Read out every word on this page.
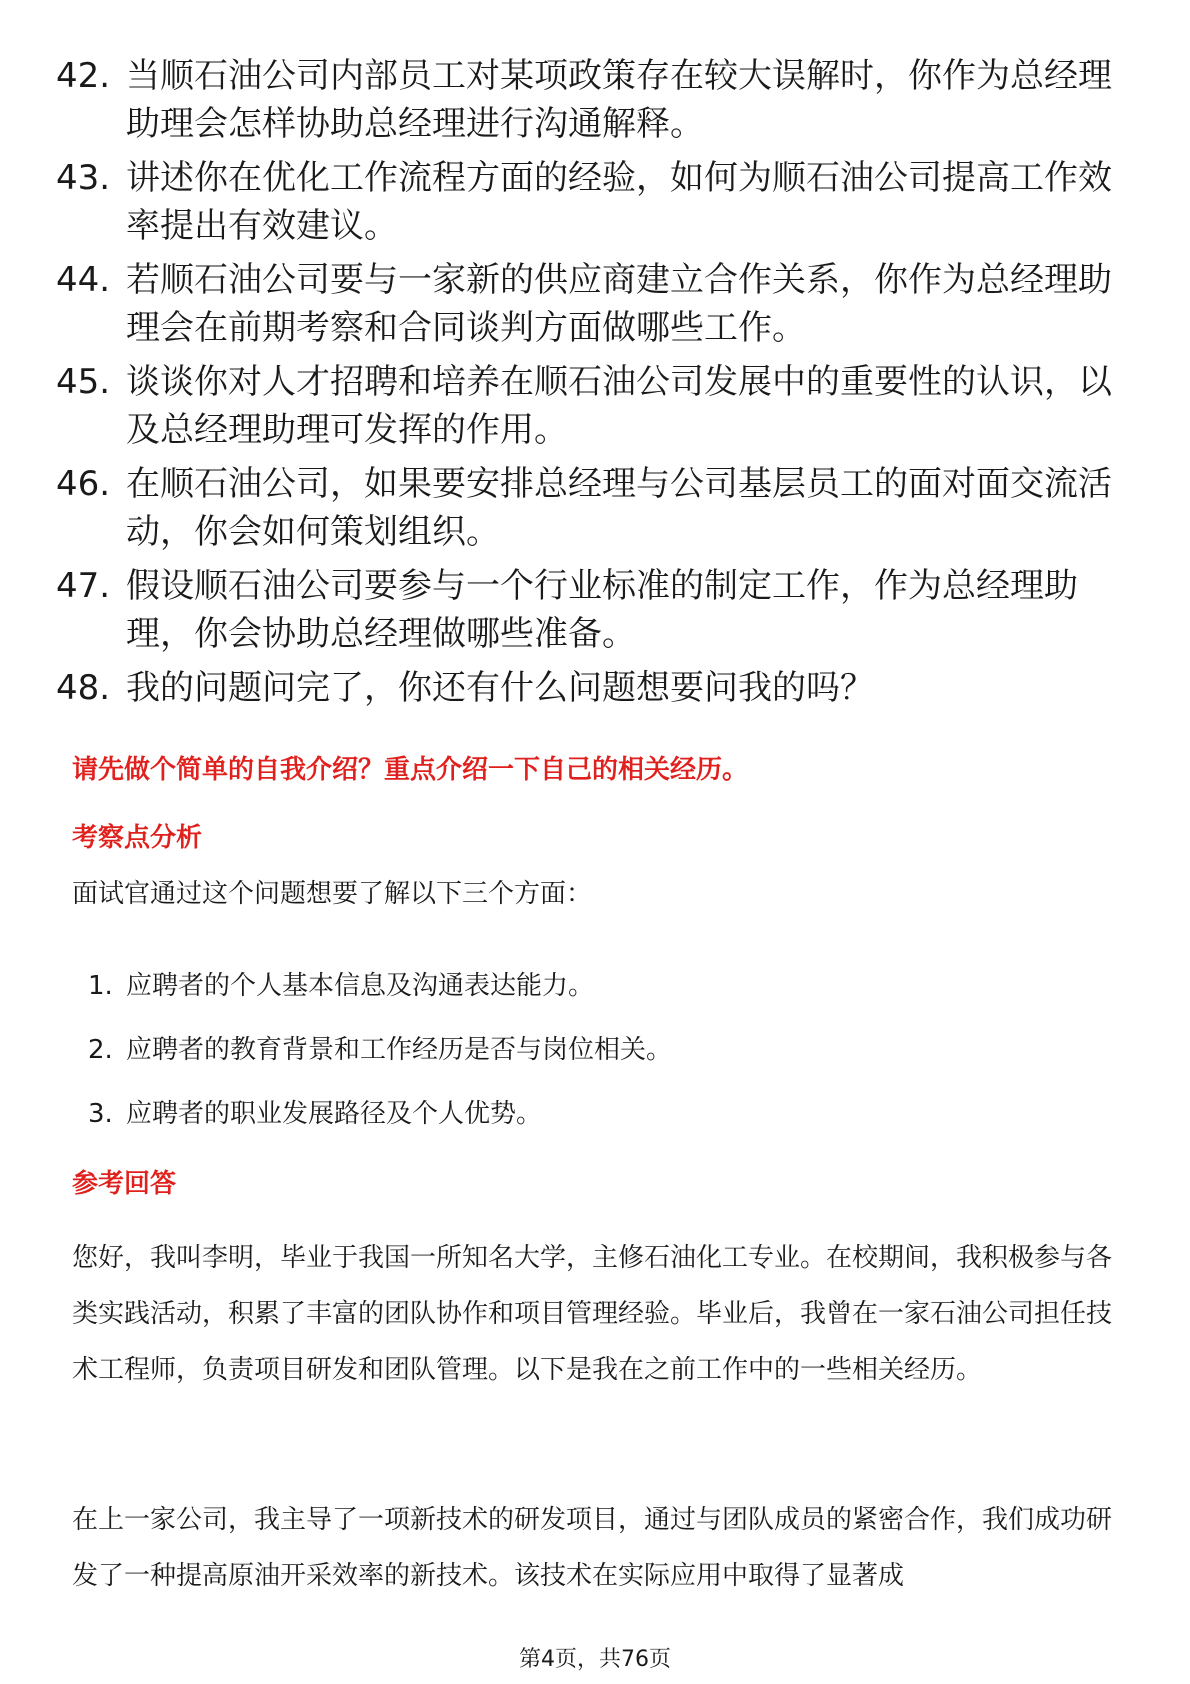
42. 当顺石油公司内部员工对某项政策存在较大误解时，你作为总经理助理会怎样协助总经理进行沟通解释。
43. 讲述你在优化工作流程方面的经验，如何为顺石油公司提高工作效率提出有效建议。
44. 若顺石油公司要与一家新的供应商建立合作关系，你作为总经理助理会在前期考察和合同谈判方面做哪些工作。
45. 谈谈你对人才招聘和培养在顺石油公司发展中的重要性的认识，以及总经理助理可发挥的作用。
46. 在顺石油公司，如果要安排总经理与公司基层员工的面对面交流活动，你会如何策划组织。
47. 假设顺石油公司要参与一个行业标准的制定工作，作为总经理助理，你会协助总经理做哪些准备。
48. 我的问题问完了，你还有什么问题想要问我的吗？
请先做个简单的自我介绍？重点介绍一下自己的相关经历。
考察点分析
面试官通过这个问题想要了解以下三个方面：
1. 应聘者的个人基本信息及沟通表达能力。
2. 应聘者的教育背景和工作经历是否与岗位相关。
3. 应聘者的职业发展路径及个人优势。
参考回答
您好，我叫李明，毕业于我国一所知名大学，主修石油化工专业。在校期间，我积极参与各类实践活动，积累了丰富的团队协作和项目管理经验。毕业后，我曾在一家石油公司担任技术工程师，负责项目研发和团队管理。以下是我在之前工作中的一些相关经历。
在上一家公司，我主导了一项新技术的研发项目，通过与团队成员的紧密合作，我们成功研发了一种提高原油开采效率的新技术。该技术在实际应用中取得了显著成
第4页，共76页
